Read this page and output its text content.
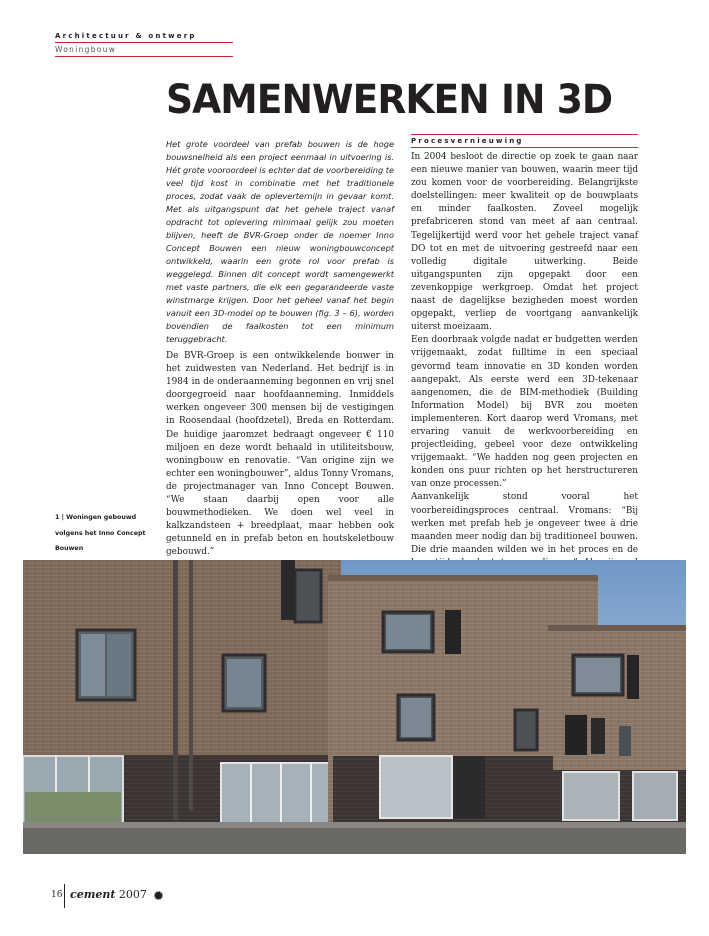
Architectuur & ontwerp
Woningbouw
SAMENWERKEN IN 3D
Het grote voordeel van prefab bouwen is de hoge bouwsnelheid als een project eenmaal in uitvoering is. Hét grote vooroordeel is echter dat de voorbereiding te veel tijd kost in combinatie met het traditionele proces, zodat vaak de opleverternijn in gevaar komt. Met als uitgangspunt dat het gehele traject vanaf opdracht tot oplevering minimaal gelijk zou moeten blijven, heeft de BVR-Groep onder de noemer Inno Concept Bouwen een nieuw woningbouwconcept ontwikkeld, waarin een grote rol voor prefab is weggelegd. Binnen dit concept wordt samengewerkt met vaste partners, die elk een gegarandeerde vaste winstmarge krijgen. Door het geheel vanaf het begin vanuit een 3D-model op te bouwen (fig. 3 – 6), worden bovendien de faalkosten tot een minimum teruggebracht.
De BVR-Groep is een ontwikkelende bouwer in het zuidwesten van Nederland. Het bedrijf is in 1984 in de onderaanneming begonnen en vrij snel doorgegroeid naar hoofdaanneming. Inmiddels werken ongeveer 300 mensen bij de vestigingen in Roosendaal (hoofdzetel), Breda en Rotterdam. De huidige jaaromzet bedraagt ongeveer € 110 miljoen en deze wordt behaald in utiliteitsbouw, woningbouw en renovatie. “Van origine zijn we echter een woningbouwer”, aldus Tonny Vromans, de projectmanager van Inno Concept Bouwen. “We staan daarbij open voor alle bouwmethodieken. We doen wel veel in kalkzandsteen + breedplaat, maar hebben ook getunneld en in prefab beton en houtskeletbouw gebouwd.”
Procesvernieuwing

In 2004 besloot de directie op zoek te gaan naar een nieuwe manier van bouwen, waarin meer tijd zou komen voor de voorbereiding. Belangrijkste doelstellingen: meer kwaliteit op de bouwplaats en minder faalkosten. Zoveel mogelijk prefabriceren stond van meet af aan centraal. Tegelijkertijd werd voor het gehele traject vanaf DO tot en met de uitvoering gestreefd naar een volledig digitale uitwerking. Beide uitgangspunten zijn opgepakt door een zevenkoppige werkgroep. Omdat het project naast de dagelijkse bezigheden moest worden opgepakt, verliep de voortgang aanvankelijk uiterst moeizaam.

Een doorbraak volgde nadat er budgetten werden vrijgemaakt, zodat fulltime in een speciaal gevormd team innovatie en 3D konden worden aangepakt. Als eerste werd een 3D-tekenaar aangenomen, die de BIM-methodiek (Building Information Model) bij BVR zou moeten implementeren. Kort daarop werd Vromans, met ervaring vanuit de werkvoorbereiding en projectleiding, gebeel voor deze ontwikkeling vrijgemaakt. “We hadden nog geen projecten en konden ons puur richten op het herstructureren van onze processen.”

Aanvankelijk stond vooral het voorbereidingsproces centraal. Vromans: “Bij werken met prefab heb je ongeveer twee à drie maanden meer nodig dan bij traditioneel bouwen. Die drie maanden wilden we in het proces en de

1 | Woningen gebouwd volgens het Inno Concept Bouwen
16 cement 2007
